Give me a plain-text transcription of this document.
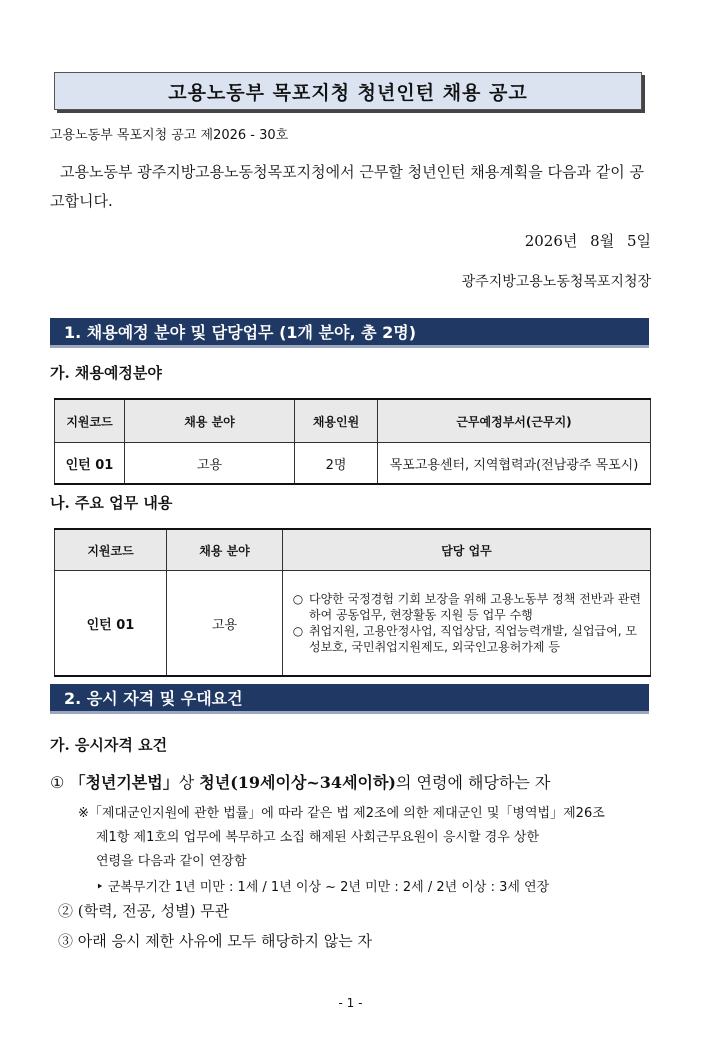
고용노동부 목포지청 청년인턴 채용 공고
고용노동부 목포지청 공고 제2026 - 30호
고용노동부 광주지방고용노동청목포지청에서 근무할 청년인턴 채용계획을 다음과 같이 공고합니다.
2026년 8월 5일
광주지방고용노동청목포지청장
1. 채용예정 분야 및 담당업무 (1개 분야, 총 2명)
가. 채용예정분야
지원코드	채용 분야	채용인원	근무예정부서(근무지)
인턴 01	고용	2명	목포고용센터, 지역협력과(전남광주 목포시)
나. 주요 업무 내용
지원코드	채용 분야	담당 업무
인턴 01	고용	○ 다양한 국정경험 기회 보장을 위해 고용노동부 정책 전반과 관련하여 공동업무, 현장활동 지원 등 업무 수행
○ 취업지원, 고용안정사업, 직업상담, 직업능력개발, 실업급여, 모성보호, 국민취업지원제도, 외국인고용허가제 등
2. 응시 자격 및 우대요건
가. 응시자격 요건
① 「청년기본법」상 청년(19세이상~34세이하)의 연령에 해당하는 자
※「제대군인지원에 관한 법률」에 따라 같은 법 제2조에 의한 제대군인 및「병역법」제26조
제1항 제1호의 업무에 복무하고 소집 해제된 사회근무요원이 응시할 경우 상한
연령을 다음과 같이 연장함
‣ 군복무기간 1년 미만 : 1세 / 1년 이상 ~ 2년 미만 : 2세 / 2년 이상 : 3세 연장
② (학력, 전공, 성별) 무관
③ 아래 응시 제한 사유에 모두 해당하지 않는 자
- 1 -
